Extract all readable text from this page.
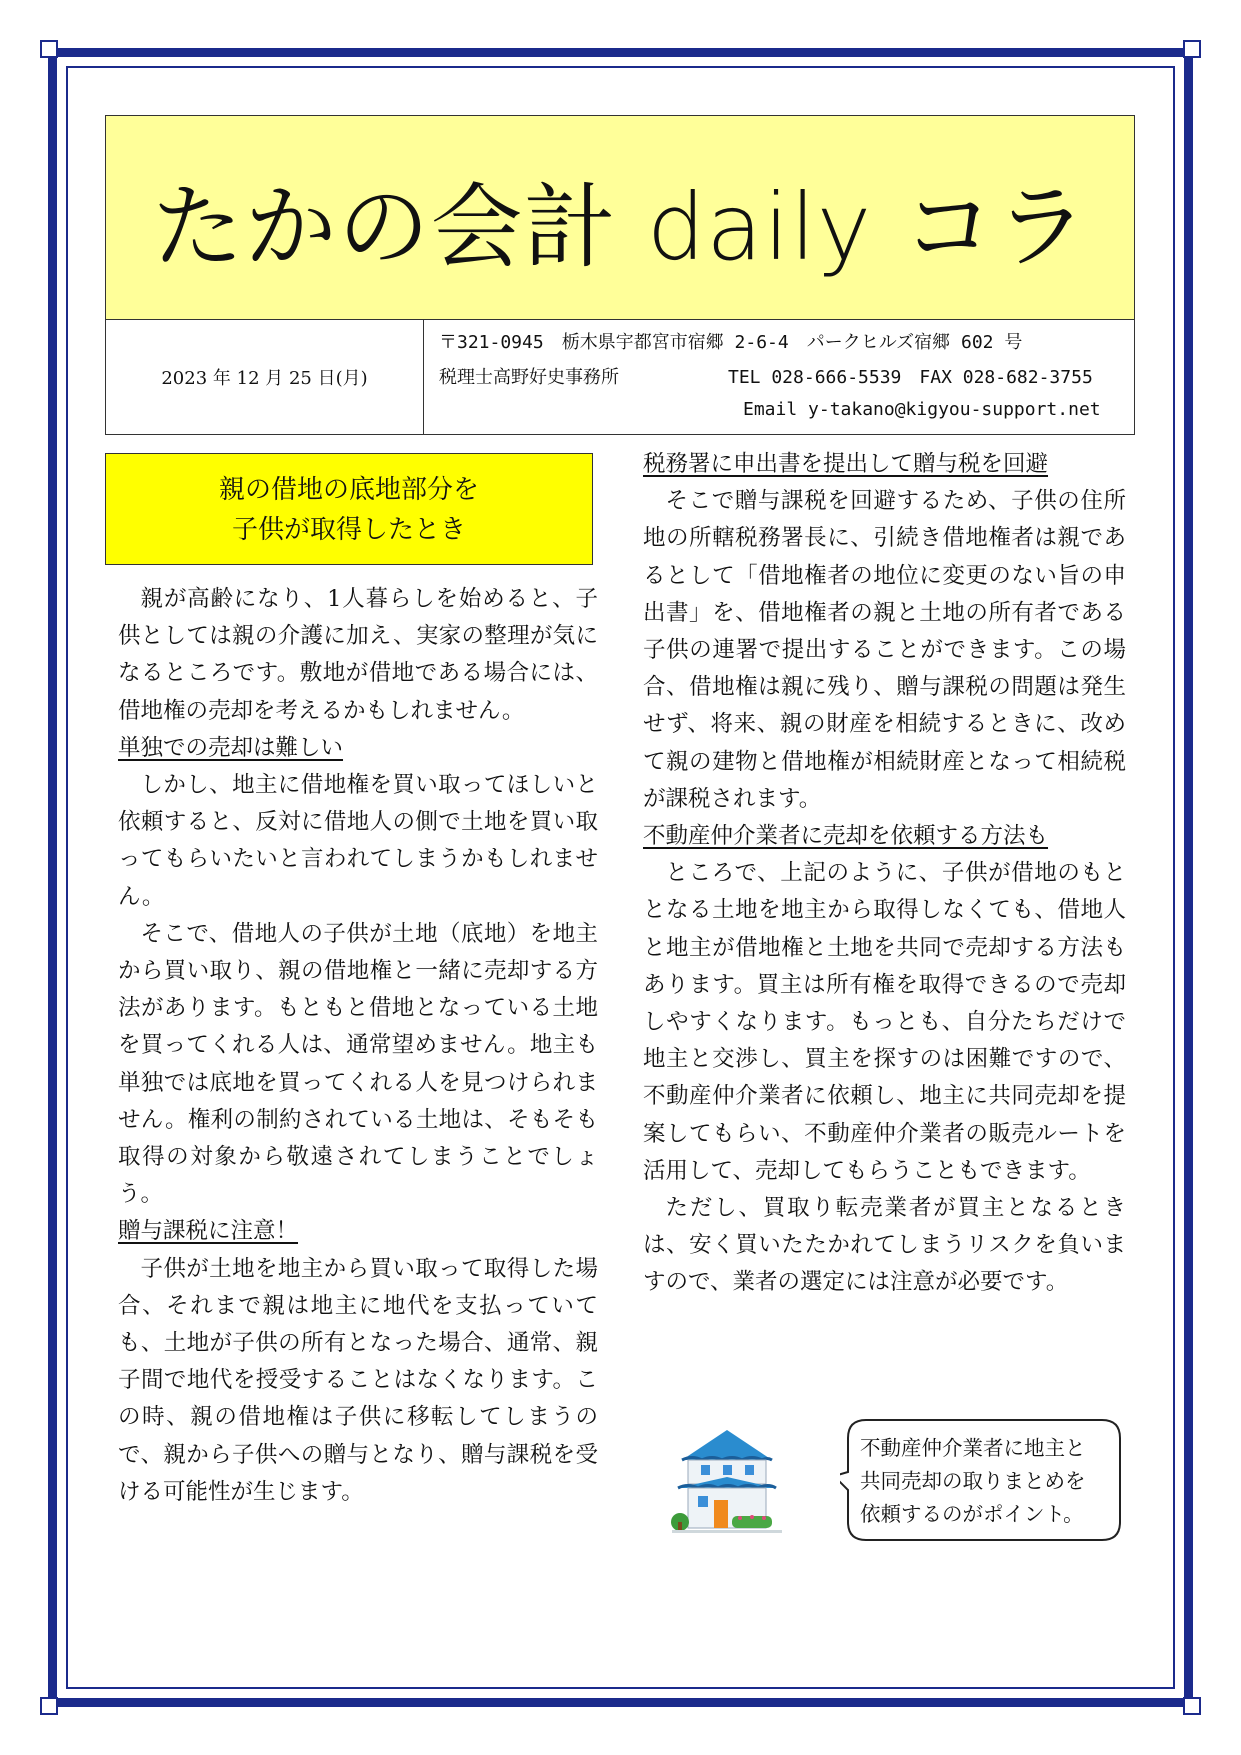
たかの会計 daily コラ
2023 年 12 月 25 日(月)
〒321-0945　栃木県宇都宮市宿郷 2-6-4　パークヒルズ宿郷 602 号
税理士高野好史事務所	TEL 028-666-5539　FAX 028-682-3755
Email y-takano@kigyou-support.net
親の借地の底地部分を
子供が取得したとき

親が高齢になり、1人暮らしを始めると、子供としては親の介護に加え、実家の整理が気になるところです。敷地が借地である場合には、借地権の売却を考えるかもしれません。

単独での売却は難しい

しかし、地主に借地権を買い取ってほしいと依頼すると、反対に借地人の側で土地を買い取ってもらいたいと言われてしまうかもしれません。

そこで、借地人の子供が土地（底地）を地主から買い取り、親の借地権と一緒に売却する方法があります。もともと借地となっている土地を買ってくれる人は、通常望めません。地主も単独では底地を買ってくれる人を見つけられません。権利の制約されている土地は、そもそも取得の対象から敬遠されてしまうことでしょう。

贈与課税に注意！

子供が土地を地主から買い取って取得した場合、それまで親は地主に地代を支払っていても、土地が子供の所有となった場合、通常、親子間で地代を授受することはなくなります。この時、親の借地権は子供に移転してしまうので、親から子供への贈与となり、贈与課税を受ける可能性が生じます。

税務署に申出書を提出して贈与税を回避

そこで贈与課税を回避するため、子供の住所地の所轄税務署長に、引続き借地権者は親であるとして「借地権者の地位に変更のない旨の申出書」を、借地権者の親と土地の所有者である子供の連署で提出することができます。この場合、借地権は親に残り、贈与課税の問題は発生せず、将来、親の財産を相続するときに、改めて親の建物と借地権が相続財産となって相続税が課税されます。

不動産仲介業者に売却を依頼する方法も

ところで、上記のように、子供が借地のもととなる土地を地主から取得しなくても、借地人と地主が借地権と土地を共同で売却する方法もあります。買主は所有権を取得できるので売却しやすくなります。もっとも、自分たちだけで地主と交渉し、買主を探すのは困難ですので、不動産仲介業者に依頼し、地主に共同売却を提案してもらい、不動産仲介業者の販売ルートを活用して、売却してもらうこともできます。

ただし、買取り転売業者が買主となるときは、安く買いたたかれてしまうリスクを負いますので、業者の選定には注意が必要です。

不動産仲介業者に地主と
共同売却の取りまとめを
依頼するのがポイント。
